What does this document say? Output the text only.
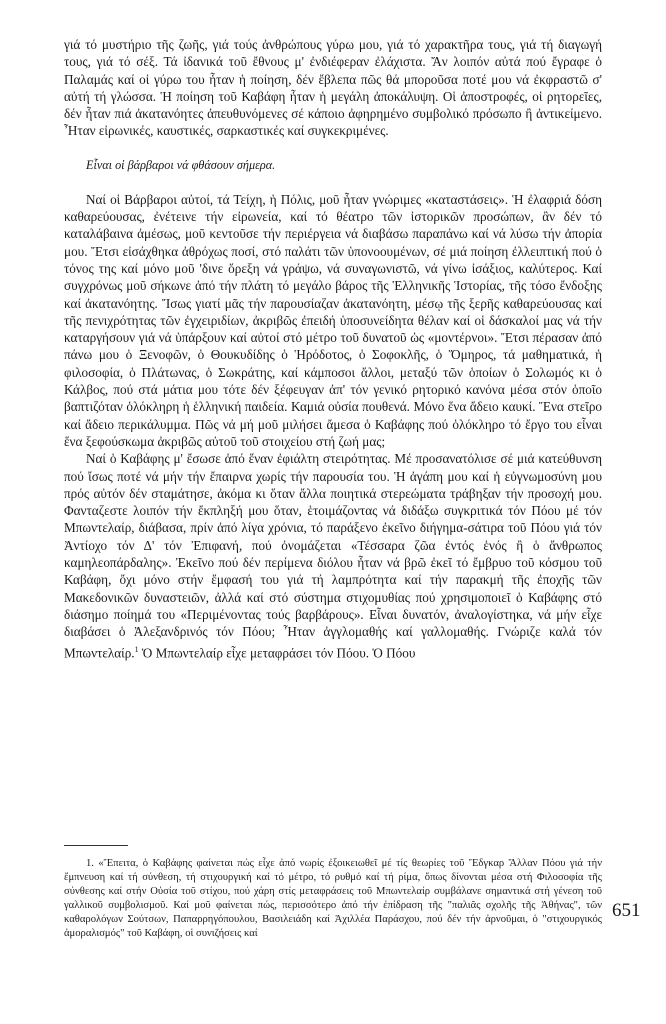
γιά τό μυστήριο τῆς ζωῆς, γιά τούς ἀνθρώπους γύρω μου, γιά τό χαρακτῆρα τους, γιά τή διαγωγή τους, γιά τό σέξ. Τά ἰδανικά τοῦ ἔθνους μ' ἐνδιέφεραν ἐλάχιστα. Ἄν λοιπόν αὐτά πού ἔγραφε ὁ Παλαμάς καί οἱ γύρω του ἦταν ἡ ποίηση, δέν ἔβλεπα πῶς θά μποροῦσα ποτέ μου νά ἐκφραστῶ σ' αὐτή τή γλώσσα. Ἡ ποίηση τοῦ Καβάφη ἦταν ἡ μεγάλη ἀποκάλυψη. Οἱ ἀποστροφές, οἱ ρητορεῖες, δέν ἦταν πιά ἀκατανόητες ἀπευθυνόμενες σέ κάποιο ἀφηρημένο συμβολικό πρόσωπο ἢ ἀντικείμενο. Ἦταν εἰρωνικές, καυστικές, σαρκαστικές καί συγκεκριμένες.

Εἶναι οἱ βάρβαροι νά φθάσουν σήμερα.

Ναί οἱ Βάρβαροι αὐτοί, τά Τείχη, ἡ Πόλις, μοῦ ἦταν γνώριμες «καταστάσεις». Ἡ ἐλαφριά δόση καθαρεύουσας, ἐνέτεινε τήν εἰρωνεία, καί τό θέατρο τῶν ἱστορικῶν προσώπων, ἂν δέν τό καταλάβαινα ἀμέσως, μοῦ κεντοῦσε τήν περιέργεια νά διαβάσω παραπάνω καί νά λύσω τήν ἀπορία μου. Ἔτσι εἰσάχθηκα ἀθρόχως ποσί, στό παλάτι τῶν ὑπονοουμένων, σέ μιά ποίηση ἐλλειπτική πού ὁ τόνος της καί μόνο μοῦ 'δινε ὄρεξη νά γράψω, νά συναγωνιστῶ, νά γίνω ἰσάξιος, καλύτερος. Καί συγχρόνως μοῦ σήκωνε ἀπό τήν πλάτη τό μεγάλο βάρος τῆς Ἑλληνικῆς Ἱστορίας, τῆς τόσο ἔνδοξης καί ἀκατανόητης. Ἴσως γιατί μᾶς τήν παρουσίαζαν ἀκατανόητη, μέσῳ τῆς ξερῆς καθαρεύουσας καί τῆς πενιχρότητας τῶν ἐγχειριδίων, ἀκριβῶς ἐπειδή ὑποσυνείδητα θέλαν καί οἱ δάσκαλοί μας νά τήν καταργήσουν γιά νά ὑπάρξουν καί αὐτοί στό μέτρο τοῦ δυνατοῦ ὡς «μοντέρνοι». Ἔτσι πέρασαν ἀπό πάνω μου ὁ Ξενοφῶν, ὁ Θουκυδίδης ὁ Ἡρόδοτος, ὁ Σοφοκλῆς, ὁ Ὅμηρος, τά μαθηματικά, ἡ φιλοσοφία, ὁ Πλάτωνας, ὁ Σωκράτης, καί κάμποσοι ἄλλοι, μεταξύ τῶν ὁποίων ὁ Σολωμός κι ὁ Κάλβος, πού στά μάτια μου τότε δέν ξέφευγαν ἀπ' τόν γενικό ρητορικό κανόνα μέσα στόν ὁποῖο βαπτιζόταν ὁλόκληρη ἡ ἑλληνική παιδεία. Καμιά οὐσία πουθενά. Μόνο ἕνα ἄδειο καυκί. Ἕνα στεῖρο καί ἄδειο περικάλυμμα. Πῶς νά μή μοῦ μιλήσει ἄμεσα ὁ Καβάφης πού ὁλόκληρο τό ἔργο του εἶναι ἕνα ξεφούσκωμα ἀκριβῶς αὐτοῦ τοῦ στοιχείου στή ζωή μας;

Ναί ὁ Καβάφης μ' ἔσωσε ἀπό ἕναν ἐφιάλτη στειρότητας. Μέ προσανατόλισε σέ μιά κατεύθυνση πού ἴσως ποτέ νά μήν τήν ἔπαιρνα χωρίς τήν παρουσία του. Ἡ ἀγάπη μου καί ἡ εὐγνωμοσύνη μου πρός αὐτόν δέν σταμάτησε, ἀκόμα κι ὅταν ἄλλα ποιητικά στερεώματα τράβηξαν τήν προσοχή μου. Φανταζεστε λοιπόν τήν ἔκπληξή μου ὅταν, ἑτοιμάζοντας νά διδάξω συγκριτικά τόν Πόου μέ τόν Μπωντελαίρ, διάβασα, πρίν ἀπό λίγα χρόνια, τό παράξενο ἐκεῖνο διήγημα-σάτιρα τοῦ Πόου γιά τόν Ἀντίοχο τόν Δ' τόν Ἐπιφανή, πού ὀνομάζεται «Τέσσαρα ζῶα ἐντός ἑνός ἢ ὁ ἄνθρωπος καμηλεοπάρδαλης». Ἐκεῖνο πού δέν περίμενα διόλου ἦταν νά βρῶ ἐκεῖ τό ἔμβρυο τοῦ κόσμου τοῦ Καβάφη, ὄχι μόνο στήν ἔμφασή του γιά τή λαμπρότητα καί τήν παρακμή τῆς ἐποχῆς τῶν Μακεδονικῶν δυναστειῶν, ἀλλά καί στό σύστημα στιχομυθίας πού χρησιμοποιεῖ ὁ Καβάφης στό διάσημο ποίημά του «Περιμένοντας τούς βαρβάρους». Εἶναι δυνατόν, ἀναλογίστηκα, νά μήν εἶχε διαβάσει ὁ Ἀλεξανδρινός τόν Πόου; Ἦταν ἀγγλομαθής καί γαλλομαθής. Γνώριζε καλά τόν Μπωντελαίρ.$^1$ Ὁ Μπωντελαίρ εἶχε μεταφράσει τόν Πόου. Ὁ Πόου

1. «Ἔπειτα, ὁ Καβάφης φαίνεται πώς εἶχε ἀπό νωρίς ἐξοικειωθεῖ μέ τίς θεωρίες τοῦ Ἔδγκαρ Ἄλλαν Πόου γιά τήν ἔμπνευση καί τή σύνθεση, τή στιχουργική καί τό μέτρο, τό ρυθμό καί τή ρίμα, ὅπως δίνονται μέσα στή Φιλοσοφία τῆς σύνθεσης καί στήν Οὐσία τοῦ στίχου, πού χάρη στίς μεταφράσεις τοῦ Μπωντελαίρ συμβάλανε σημαντικά στή γένεση τοῦ γαλλικοῦ συμβολισμοῦ. Καί μοῦ φαίνεται πώς, περισσότερο ἀπό τήν ἐπίδραση τῆς "παλιᾶς σχολῆς τῆς Ἀθήνας", τῶν καθαρολόγων Σούτσων, Παπαρρηγόπουλου, Βασιλειάδη καί Ἀχιλλέα Παράσχου, πού δέν τήν ἀρνοῦμαι, ὁ "στιχουργικός ἀμοραλισμός" τοῦ Καβάφη, οἱ συνιζήσεις καί

651
